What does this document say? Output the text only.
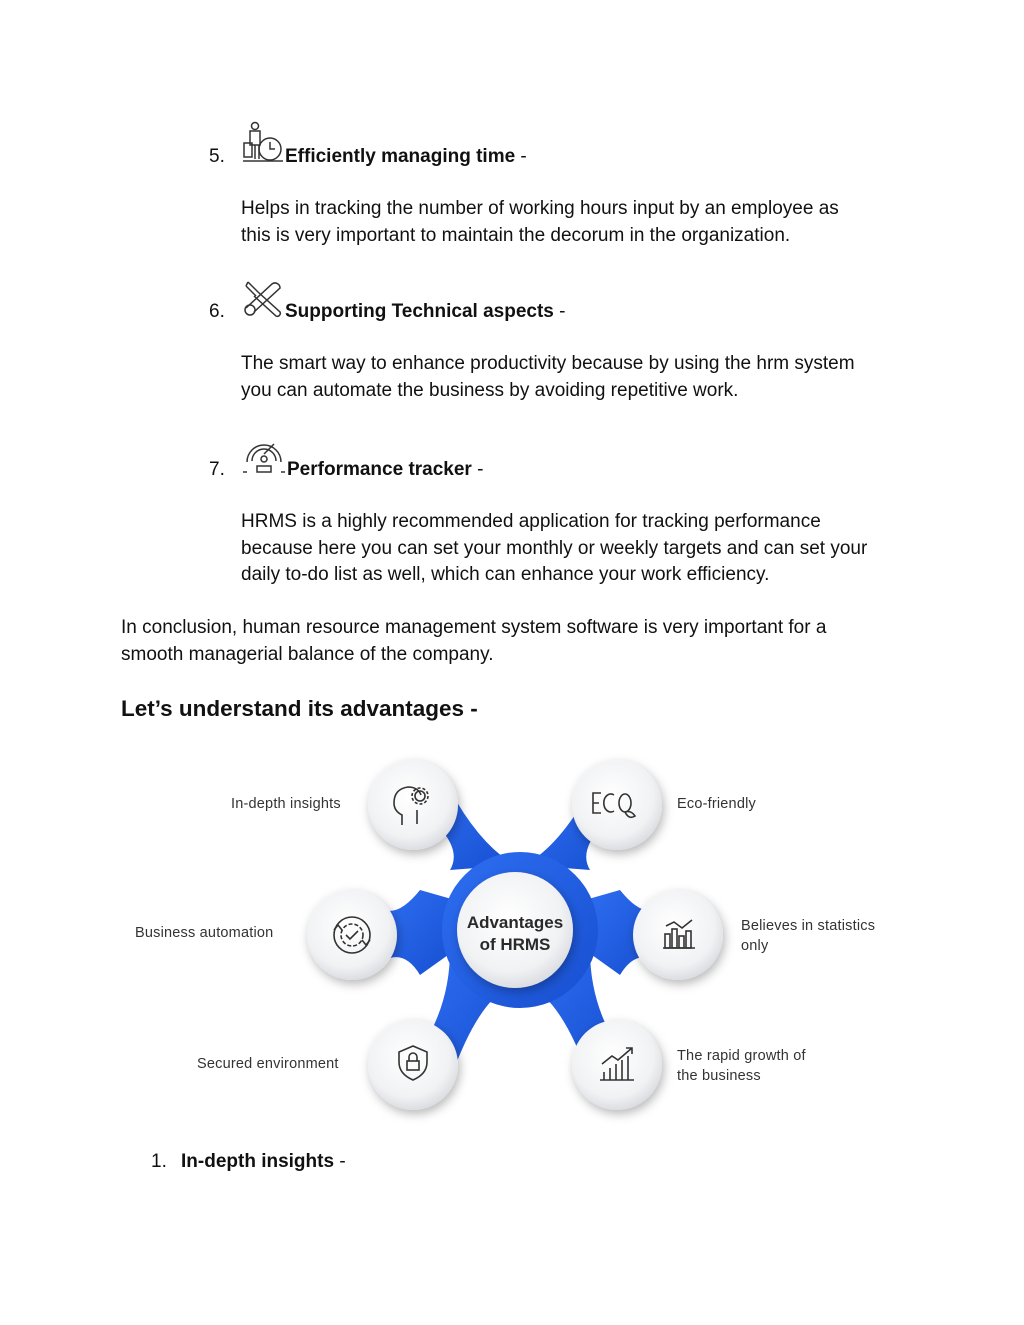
5.	Efficiently managing time -
Helps in tracking the number of working hours input by an employee as
this is very important to maintain the decorum in the organization.
6.	Supporting Technical aspects -
The smart way to enhance productivity because by using the hrm system
you can automate the business by avoiding repetitive work.
7.	Performance tracker -
HRMS is a highly recommended application for tracking performance
because here you can set your monthly or weekly targets and can set your
daily to-do list as well, which can enhance your work efficiency.
In conclusion, human resource management system software is very important for a
smooth managerial balance of the company.
Let’s understand its advantages -
Advantages
of HRMS
In-depth insights	Eco-friendly
Business automation	Believes in statistics
only
Secured environment	The rapid growth of
the business
1. In-depth insights -
